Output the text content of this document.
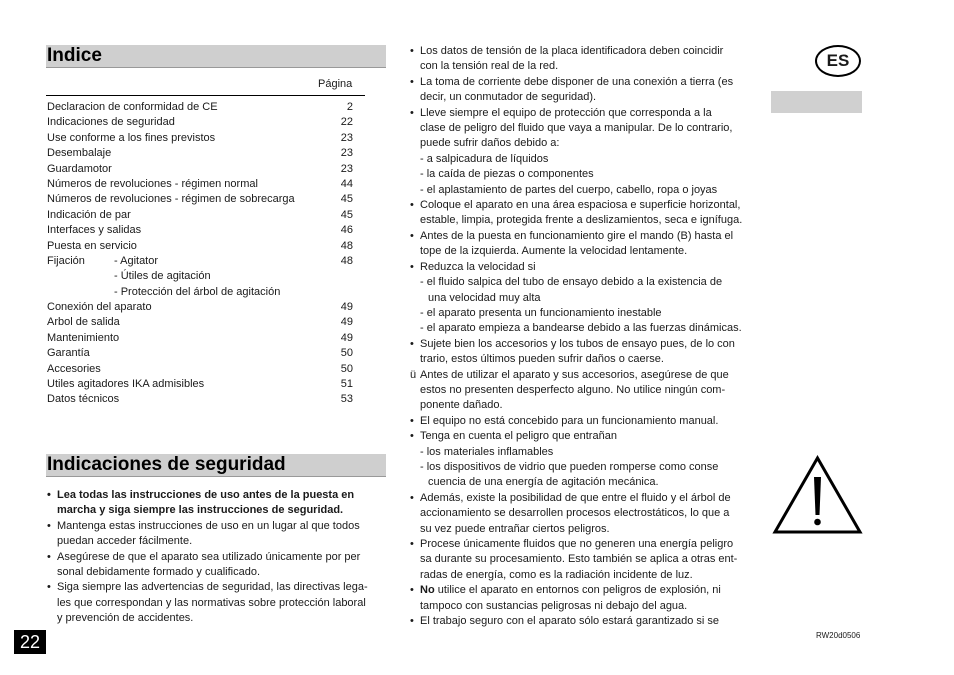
Indice
Página
Declaracion de conformidad de CE	2
Indicaciones de seguridad	22
Use conforme a los fines previstos	23
Desembalaje	23
Guardamotor	23
Números de revoluciones - régimen normal	44
Números de revoluciones - régimen de sobrecarga	45
Indicación de par	45
Interfaces y salidas	46
Puesta en servicio	48
Fijación	- Agitator	48
- Útiles de agitación
- Protección del árbol de agitación
Conexión del aparato	49
Arbol de salida	49
Mantenimiento	49
Garantía	50
Accesories	50
Utiles agitadores IKA admisibles	51
Datos técnicos	53
Indicaciones de seguridad
• Lea todas las instrucciones de uso antes de la puesta en
marcha y siga siempre las instrucciones de seguridad.
• Mantenga estas instrucciones de uso en un lugar al que todos
puedan acceder fácilmente.
• Asegúrese de que el aparato sea utilizado únicamente por per
sonal debidamente formado y cualificado.
• Siga siempre las advertencias de seguridad, las directivas lega-
les que correspondan y las normativas sobre protección laboral
y prevención de accidentes.
22
• Los datos de tensión de la placa identificadora deben coincidir
con la tensión real de la red.
• La toma de corriente debe disponer de una conexión a tierra (es
decir, un conmutador de seguridad).
• Lleve siempre el equipo de protección que corresponda a la
clase de peligro del fluido que vaya a manipular. De lo contrario,
puede sufrir daños debido a:
- a salpicadura de líquidos
- la caída de piezas o componentes
- el aplastamiento de partes del cuerpo, cabello, ropa o joyas
• Coloque el aparato en una área espaciosa e superficie horizontal,
estable, limpia, protegida frente a deslizamientos, seca e ignífuga.
• Antes de la puesta en funcionamiento gire el mando (B) hasta el
tope de la izquierda. Aumente la velocidad lentamente.
• Reduzca la velocidad si
- el fluido salpica del tubo de ensayo debido a la existencia de
una velocidad muy alta
- el aparato presenta un funcionamiento inestable
- el aparato empieza a bandearse debido a las fuerzas dinámicas.
• Sujete bien los accesorios y los tubos de ensayo pues, de lo con
trario, estos últimos pueden sufrir daños o caerse.
ü Antes de utilizar el aparato y sus accesorios, asegúrese de que
estos no presenten desperfecto alguno. No utilice ningún com-
ponente dañado.
• El equipo no está concebido para un funcionamiento manual.
• Tenga en cuenta el peligro que entrañan
- los materiales inflamables
- los dispositivos de vidrio que pueden romperse como conse
cuencia de una energía de agitación mecánica.
• Además, existe la posibilidad de que entre el fluido y el árbol de
accionamiento se desarrollen procesos electrostáticos, lo que a
su vez puede entrañar ciertos peligros.
• Procese únicamente fluidos que no generen una energía peligro
sa durante su procesamiento. Esto también se aplica a otras ent-
radas de energía, como es la radiación incidente de luz.
• No utilice el aparato en entornos con peligros de explosión, ni
tampoco con sustancias peligrosas ni debajo del agua.
• El trabajo seguro con el aparato sólo estará garantizado si se
ES
RW20d0506
